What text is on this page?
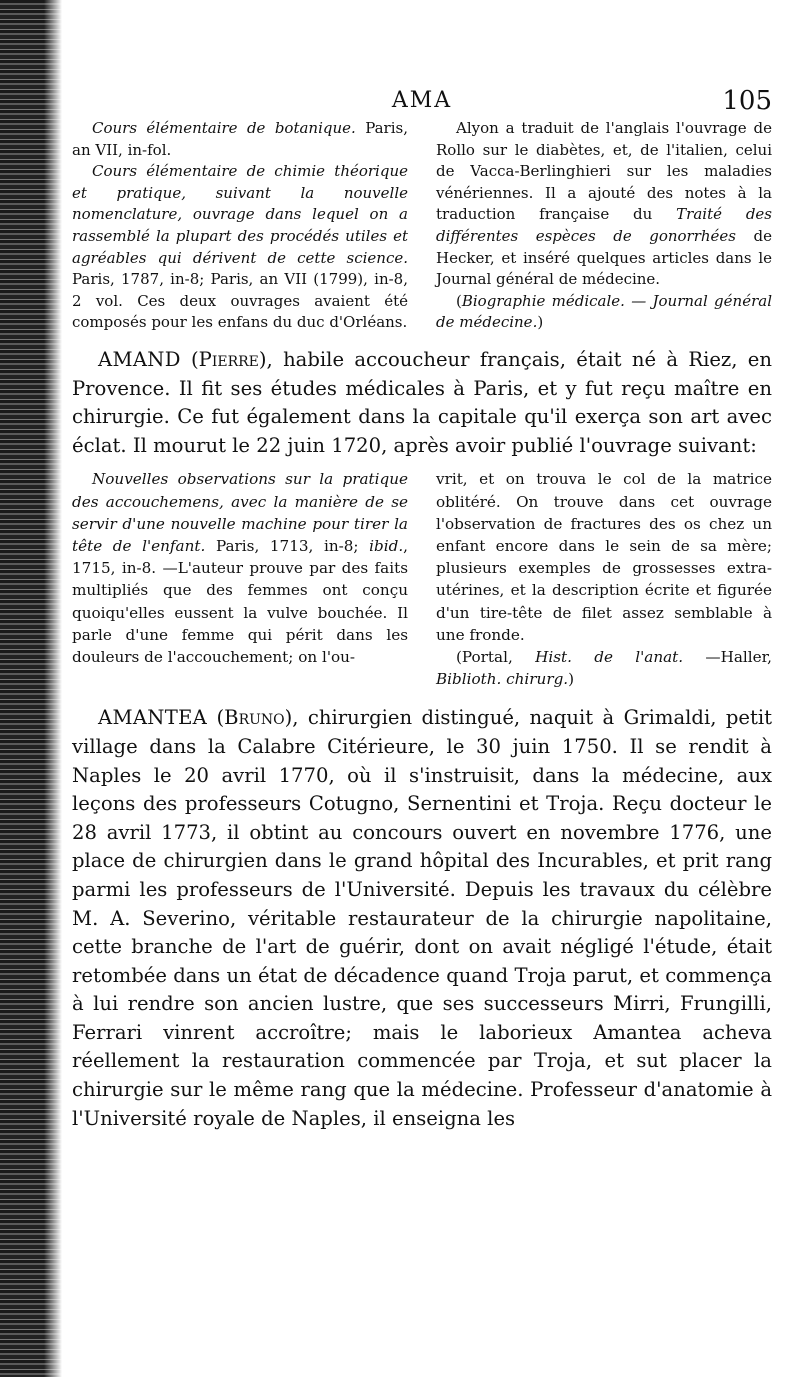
AMA	105

Cours élémentaire de botanique. Paris, an VII, in-fol.

Cours élémentaire de chimie théorique et pratique, suivant la nouvelle nomenclature, ouvrage dans lequel on a rassemblé la plupart des procédés utiles et agréables qui dérivent de cette science. Paris, 1787, in-8; Paris, an VII (1799), in-8, 2 vol. Ces deux ouvrages avaient été composés pour les enfans du duc d'Orléans.

Alyon a traduit de l'anglais l'ouvrage de Rollo sur le diabètes, et, de l'italien, celui de Vacca-Berlinghieri sur les maladies vénériennes. Il a ajouté des notes à la traduction française du Traité des différentes espèces de gonorrhées de Hecker, et inséré quelques articles dans le Journal général de médecine.

(Biographie médicale. — Journal général de médecine.)

AMAND (Pierre), habile accoucheur français, était né à Riez, en Provence. Il fit ses études médicales à Paris, et y fut reçu maître en chirurgie. Ce fut également dans la capitale qu'il exerça son art avec éclat. Il mourut le 22 juin 1720, après avoir publié l'ouvrage suivant:

Nouvelles observations sur la pratique des accouchemens, avec la manière de se servir d'une nouvelle machine pour tirer la tête de l'enfant. Paris, 1713, in-8; ibid., 1715, in-8. —L'auteur prouve par des faits multipliés que des femmes ont conçu quoiqu'elles eussent la vulve bouchée. Il parle d'une femme qui périt dans les douleurs de l'accouchement; on l'ou-

vrit, et on trouva le col de la matrice oblitéré. On trouve dans cet ouvrage l'observation de fractures des os chez un enfant encore dans le sein de sa mère; plusieurs exemples de grossesses extra-utérines, et la description écrite et figurée d'un tire-tête de filet assez semblable à une fronde.

(Portal, Hist. de l'anat. —Haller, Biblioth. chirurg.)

AMANTEA (Bruno), chirurgien distingué, naquit à Grimaldi, petit village dans la Calabre Citérieure, le 30 juin 1750. Il se rendit à Naples le 20 avril 1770, où il s'instruisit, dans la médecine, aux leçons des professeurs Cotugno, Sernentini et Troja. Reçu docteur le 28 avril 1773, il obtint au concours ouvert en novembre 1776, une place de chirurgien dans le grand hôpital des Incurables, et prit rang parmi les professeurs de l'Université. Depuis les travaux du célèbre M. A. Severino, véritable restaurateur de la chirurgie napolitaine, cette branche de l'art de guérir, dont on avait négligé l'étude, était retombée dans un état de décadence quand Troja parut, et commença à lui rendre son ancien lustre, que ses successeurs Mirri, Frungilli, Ferrari vinrent accroître; mais le laborieux Amantea acheva réellement la restauration commencée par Troja, et sut placer la chirurgie sur le même rang que la médecine. Professeur d'anatomie à l'Université royale de Naples, il enseigna les
